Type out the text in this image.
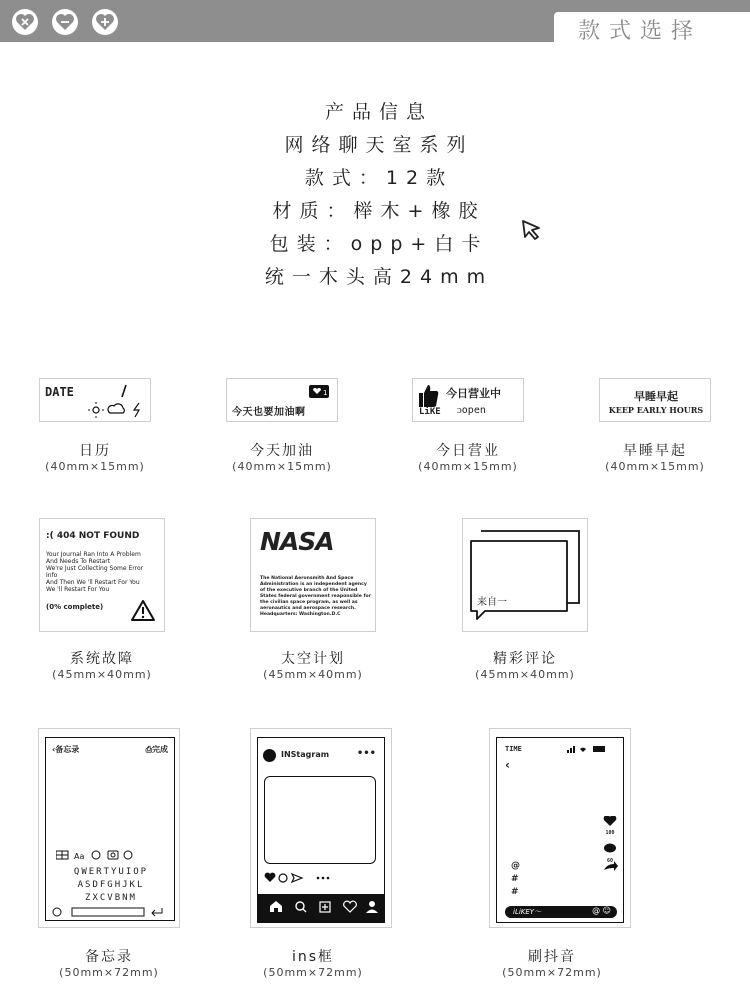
款式选择
产品信息
网络聊天室系列
款式：12款
材质：榉木+橡胶
包装：opp+白卡
统一木头高24mm
DATE
日历
(40mm×15mm)
1
今天也要加油啊
今天加油
(40mm×15mm)
今日营业中
LiKE ᴐopen
今日营业
(40mm×15mm)
早睡早起
KEEP EARLY HOURS
早睡早起
(40mm×15mm)
:( 404 NOT FOUND
Your Journal Ran Into A Problem
And Needs To Restart
We're Just Collecting Some Error
Info
And Then We 'll Restart For You
We 'll Restart For You
(0% complete)
系统故障
(45mm×40mm)
NASA
The National Aeronsmith And Space
Administration is an independent agency
of the executive branch of the United
States federal government reaponsible for
the civilian space program, as well as
aeronautics and aerospace research.
Headquarters: Washington.D.C
太空计划
(45mm×40mm)
来自一
精彩评论
(45mm×40mm)
‹备忘录	⎙完成
Aa
QWERTYUIOP
ASDFGHJKL
ZXCVBNM
备忘录
(50mm×72mm)
INStagram	•••
ins框
(50mm×72mm)
TIME
‹
100
60
@
#
#
iLiKEY～	@ ☺
刷抖音
(50mm×72mm)
